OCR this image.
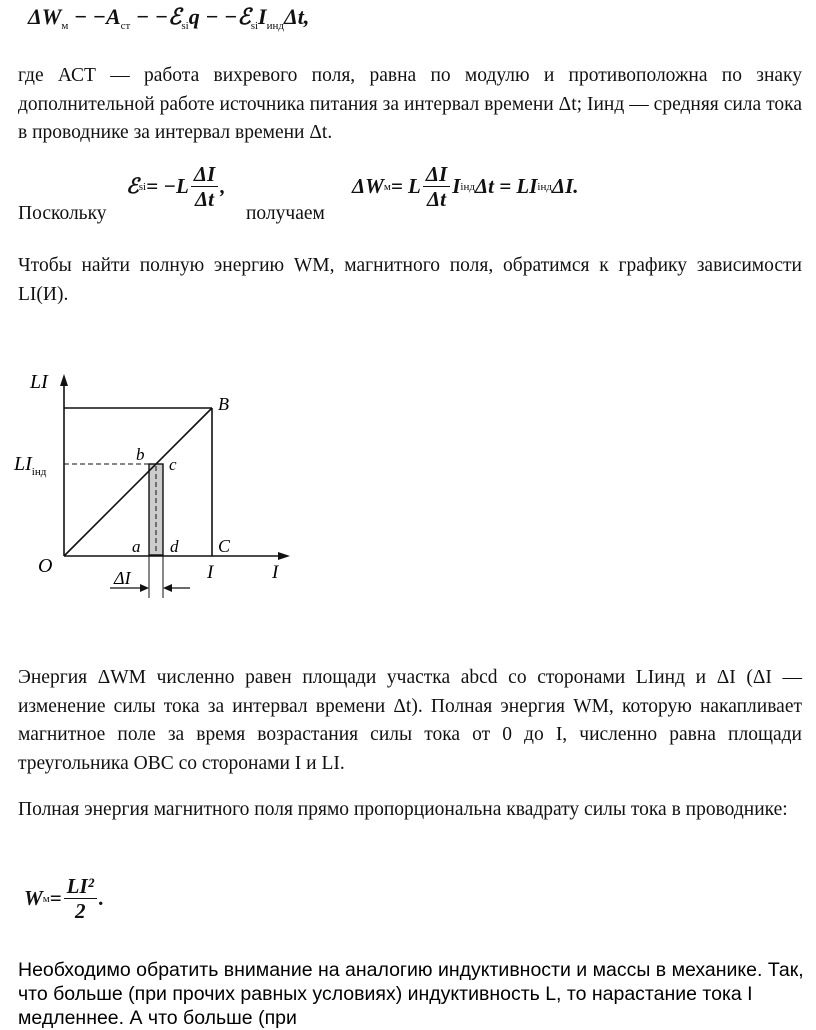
$\Delta W_м - -A_{ст}$ − −ℰ$_{si}$q − $-ℰ_{si}I_{инд}\Delta t$,
где АСТ — работа вихревого поля, равна по модулю и противоположна по знаку дополнительной работе источника питания за интервал времени Δt; Iинд — средняя сила тока в проводнике за интервал времени Δt.
Поскольку
ℰ si = $-L \frac{\Delta I}{\Delta t}$ ,
получаем
ΔW м = L $\frac{\Delta I}{\Delta t}$ I інд Δt = LI інд ΔI.
Чтобы найти полную энергию WM, магнитного поля, обратимся к графику зависимости LI(И).
LI
$LI_{інд}$
O
B
C
a
b
c
d
I	I
ΔI
Энергия ΔWM численно равен площади участка abcd со сторонами LIинд и ΔI (ΔI — изменение силы тока за интервал времени Δt). Полная энергия WM, которую накапливает магнитное поле за время возрастания силы тока от 0 до I, численно равна площади треугольника OBC со сторонами I и LI.
Полная энергия магнитного поля прямо пропорциональна квадрату силы тока в проводнике:
W $м = \frac{\text{LI²}}{2}$ .
Необходимо обратить внимание на аналогию индуктивности и массы в механике. Так, что больше (при прочих равных условиях) индуктивность L, то нарастание тока I медленнее. А что больше (при
